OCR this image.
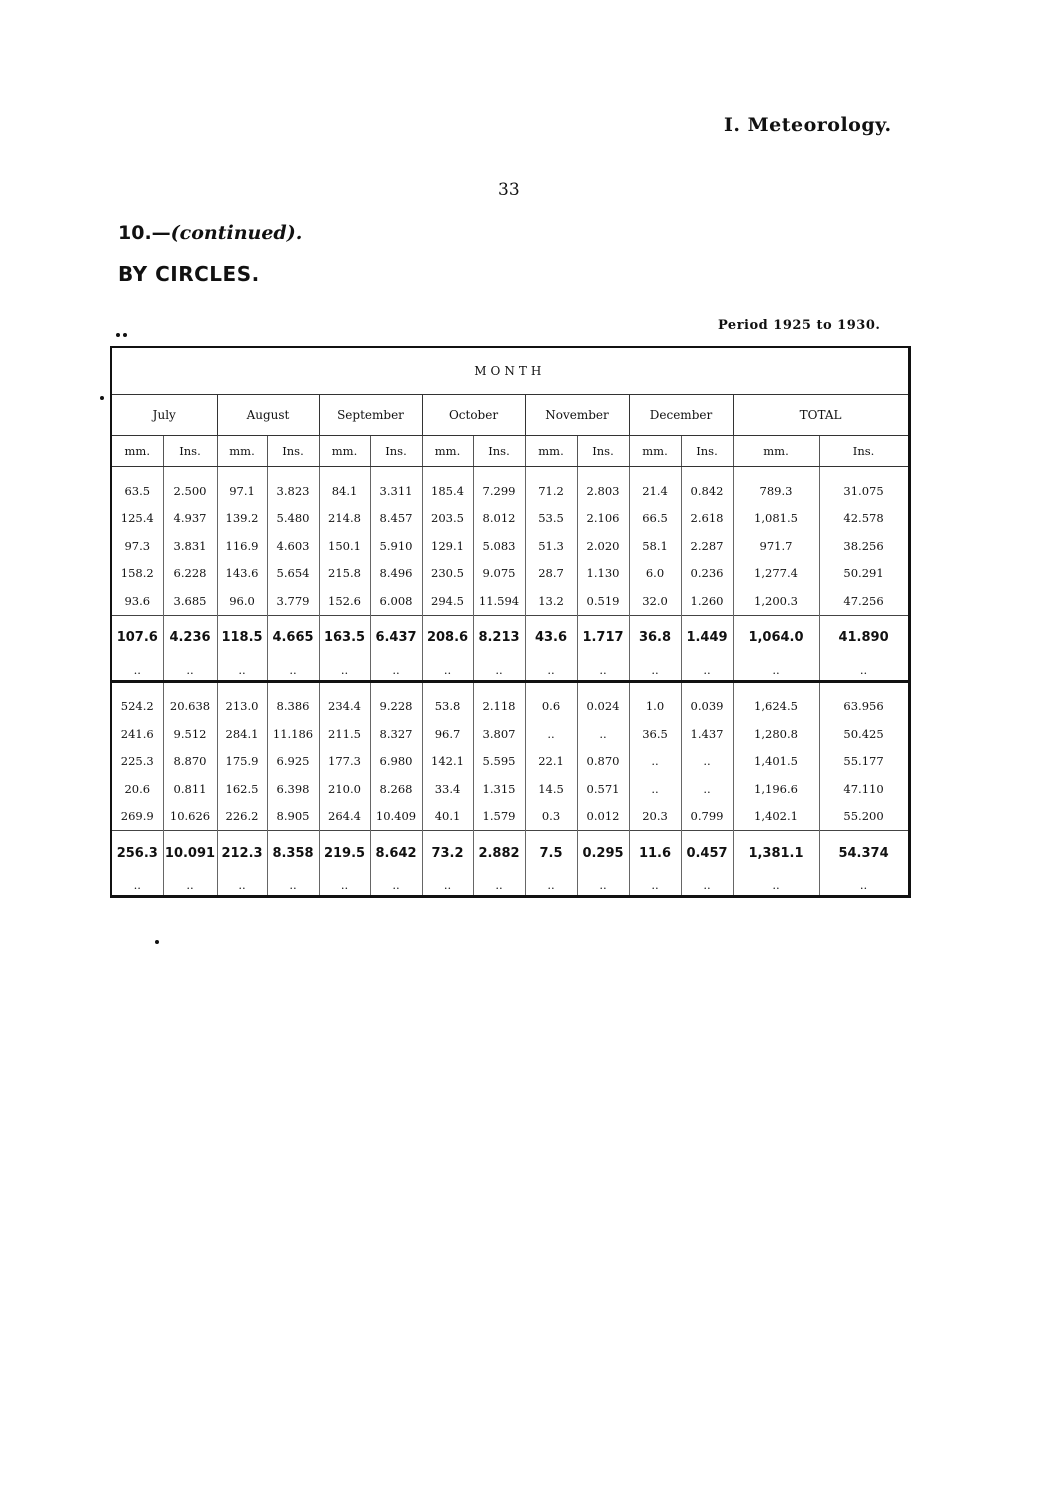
I. Meteorology.
33
10.—(continued).
BY CIRCLES.
Period 1925 to 1930.
MONTH													
July		August		September		October		November		December		TOTAL	
mm.	Ins.	mm.	Ins.	mm.	Ins.	mm.	Ins.	mm.	Ins.	mm.	Ins.	mm.	Ins.
63.5	2.500	97.1	3.823	84.1	3.311	185.4	7.299	71.2	2.803	21.4	0.842	789.3	31.075
125.4	4.937	139.2	5.480	214.8	8.457	203.5	8.012	53.5	2.106	66.5	2.618	1,081.5	42.578
97.3	3.831	116.9	4.603	150.1	5.910	129.1	5.083	51.3	2.020	58.1	2.287	971.7	38.256
158.2	6.228	143.6	5.654	215.8	8.496	230.5	9.075	28.7	1.130	6.0	0.236	1,277.4	50.291
93.6	3.685	96.0	3.779	152.6	6.008	294.5	11.594	13.2	0.519	32.0	1.260	1,200.3	47.256
107.6	4.236	118.5	4.665	163.5	6.437	208.6	8.213	43.6	1.717	36.8	1.449	1,064.0	41.890
..	..	..	..	..	..	..	..	..	..	..	..	..	..
524.2	20.638	213.0	8.386	234.4	9.228	53.8	2.118	0.6	0.024	1.0	0.039	1,624.5	63.956
241.6	9.512	284.1	11.186	211.5	8.327	96.7	3.807	..	..	36.5	1.437	1,280.8	50.425
225.3	8.870	175.9	6.925	177.3	6.980	142.1	5.595	22.1	0.870	..	..	1,401.5	55.177
20.6	0.811	162.5	6.398	210.0	8.268	33.4	1.315	14.5	0.571	..	..	1,196.6	47.110
269.9	10.626	226.2	8.905	264.4	10.409	40.1	1.579	0.3	0.012	20.3	0.799	1,402.1	55.200
256.3	10.091	212.3	8.358	219.5	8.642	73.2	2.882	7.5	0.295	11.6	0.457	1,381.1	54.374
..	..	..	..	..	..	..	..	..	..	..	..	..	..
